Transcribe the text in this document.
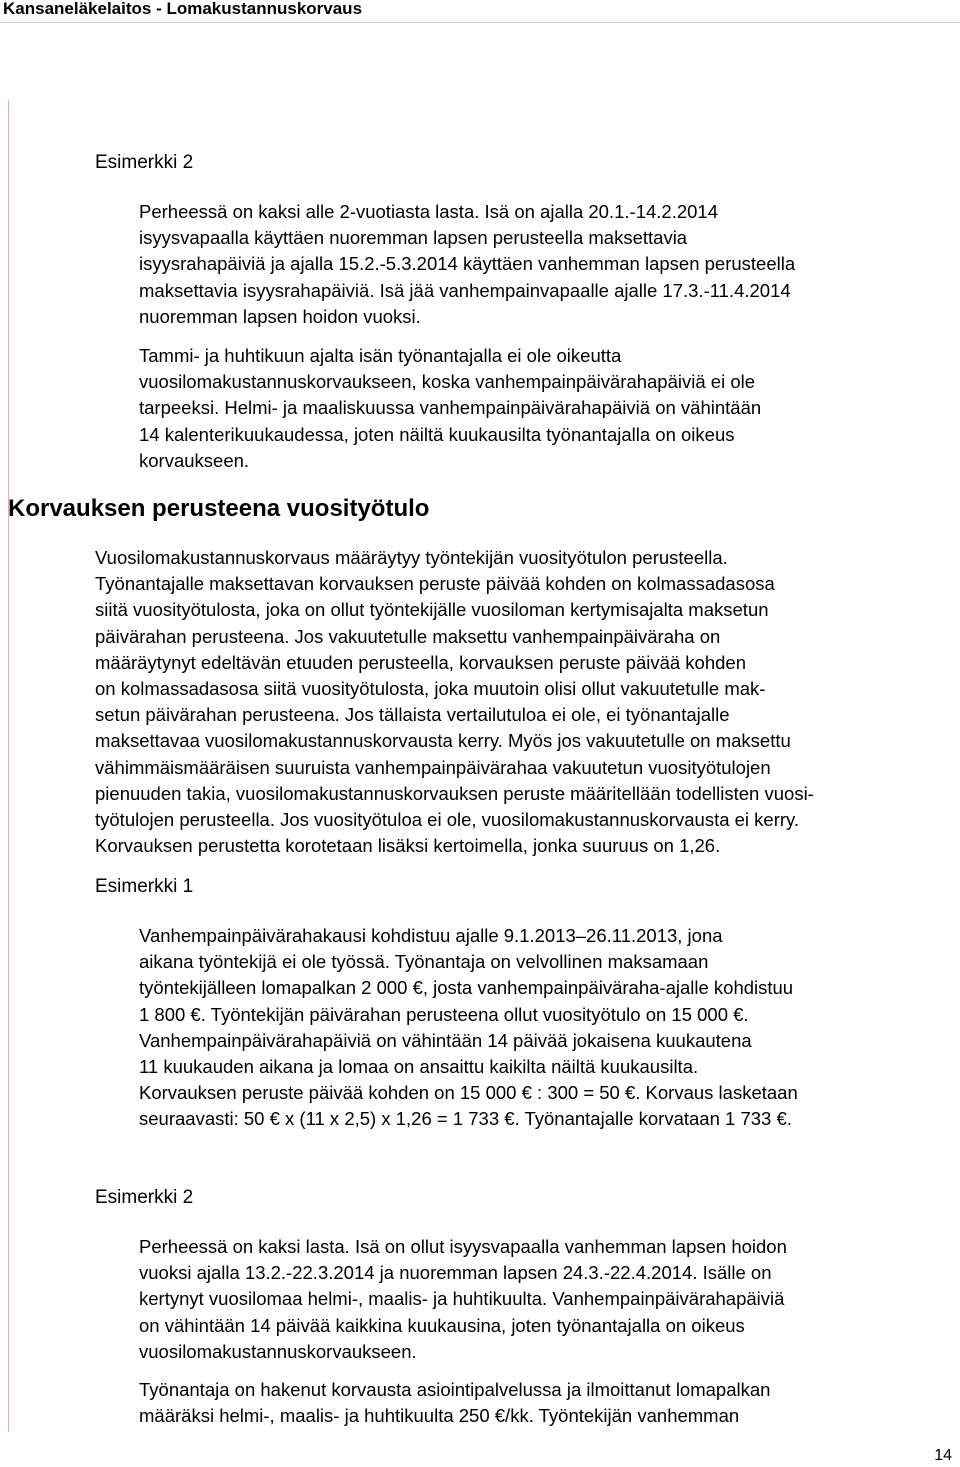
Kansaneläkelaitos - Lomakustannuskorvaus
Esimerkki 2
Perheessä on kaksi alle 2-vuotiasta lasta. Isä on ajalla 20.1.-14.2.2014
isyysvapaalla käyttäen nuoremman lapsen perusteella maksettavia
isyysrahapäiviä ja ajalla 15.2.-5.3.2014 käyttäen vanhemman lapsen perusteella
maksettavia isyysrahapäiviä. Isä jää vanhempainvapaalle ajalle 17.3.-11.4.2014
nuoremman lapsen hoidon vuoksi.
Tammi- ja huhtikuun ajalta isän työnantajalla ei ole oikeutta
vuosilomakustannuskorvaukseen, koska vanhempainpäivärahapäiviä ei ole
tarpeeksi. Helmi- ja maaliskuussa vanhempainpäivärahapäiviä on vähintään
14 kalenterikuukaudessa, joten näiltä kuukausilta työnantajalla on oikeus
korvaukseen.
Korvauksen perusteena vuosityötulo
Vuosilomakustannuskorvaus määräytyy työntekijän vuosityötulon perusteella.
Työnantajalle maksettavan korvauksen peruste päivää kohden on kolmassadasosa
siitä vuosityötulosta, joka on ollut työntekijälle vuosiloman kertymisajalta maksetun
päivärahan perusteena. Jos vakuutetulle maksettu vanhempainpäiväraha on
määräytynyt edeltävän etuuden perusteella, korvauksen peruste päivää kohden
on kolmassadasosa siitä vuosityötulosta, joka muutoin olisi ollut vakuutetulle mak-
setun päivärahan perusteena. Jos tällaista vertailutuloa ei ole, ei työnantajalle
maksettavaa vuosilomakustannuskorvausta kerry. Myös jos vakuutetulle on maksettu
vähimmäismääräisen suuruista vanhempainpäivärahaa vakuutetun vuosityötulojen
pienuuden takia, vuosilomakustannuskorvauksen peruste määritellään todellisten vuosi-
työtulojen perusteella. Jos vuosityötuloa ei ole, vuosilomakustannuskorvausta ei kerry.
Korvauksen perustetta korotetaan lisäksi kertoimella, jonka suuruus on 1,26.
Esimerkki 1
Vanhempainpäivärahakausi kohdistuu ajalle 9.1.2013–26.11.2013, jona
aikana työntekijä ei ole työssä. Työnantaja on velvollinen maksamaan
työntekijälleen lomapalkan 2 000 €, josta vanhempainpäiväraha-ajalle kohdistuu
1 800 €. Työntekijän päivärahan perusteena ollut vuosityötulo on 15 000 €.
Vanhempainpäivärahapäiviä on vähintään 14 päivää jokaisena kuukautena
11 kuukauden aikana ja lomaa on ansaittu kaikilta näiltä kuukausilta.
Korvauksen peruste päivää kohden on 15 000 € : 300 = 50 €. Korvaus lasketaan
seuraavasti: 50 € x (11 x 2,5) x 1,26 = 1 733 €. Työnantajalle korvataan 1 733 €.
Esimerkki 2
Perheessä on kaksi lasta. Isä on ollut isyysvapaalla vanhemman lapsen hoidon
vuoksi ajalla 13.2.-22.3.2014 ja nuoremman lapsen 24.3.-22.4.2014. Isälle on
kertynyt vuosilomaa helmi-, maalis- ja huhtikuulta. Vanhempainpäivärahapäiviä
on vähintään 14 päivää kaikkina kuukausina, joten työnantajalla on oikeus
vuosilomakustannuskorvaukseen.
Työnantaja on hakenut korvausta asiointipalvelussa ja ilmoittanut lomapalkan
määräksi helmi-, maalis- ja huhtikuulta 250 €/kk. Työntekijän vanhemman
14
